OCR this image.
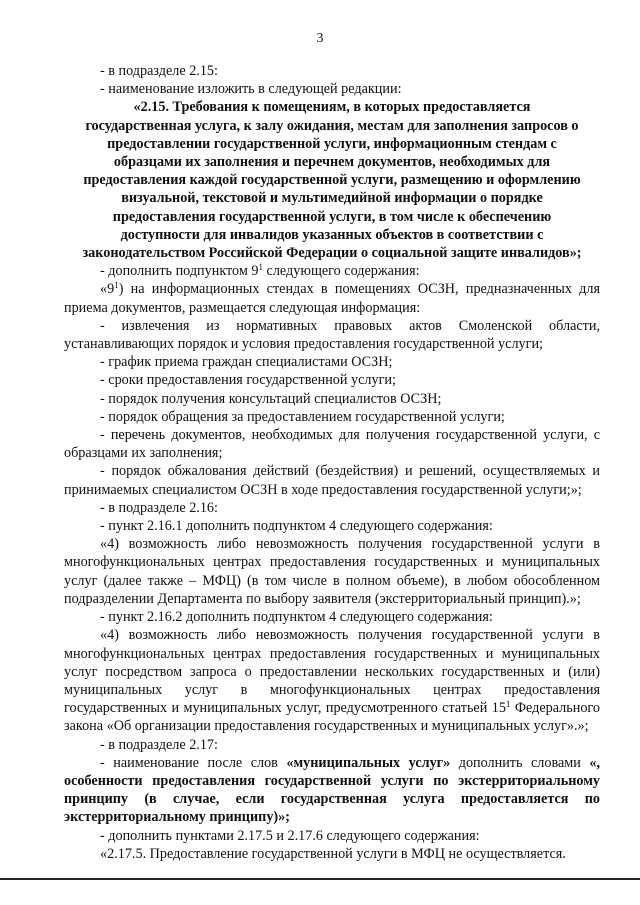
3

- в подразделе 2.15:

- наименование изложить в следующей редакции:

«2.15. Требования к помещениям, в которых предоставляется
государственная услуга, к залу ожидания, местам для заполнения запросов о
предоставлении государственной услуги, информационным стендам с
образцами их заполнения и перечнем документов, необходимых для
предоставления каждой государственной услуги, размещению и оформлению
визуальной, текстовой и мультимедийной информации о порядке
предоставления государственной услуги, в том числе к обеспечению
доступности для инвалидов указанных объектов в соответствии с
законодательством Российской Федерации о социальной защите инвалидов»;

- дополнить подпунктом $9^1$ следующего содержания:

«$9^1$) на информационных стендах в помещениях ОСЗН, предназначенных для приема документов, размещается следующая информация:

- извлечения из нормативных правовых актов Смоленской области, устанавливающих порядок и условия предоставления государственной услуги;

- график приема граждан специалистами ОСЗН;

- сроки предоставления государственной услуги;

- порядок получения консультаций специалистов ОСЗН;

- порядок обращения за предоставлением государственной услуги;

- перечень документов, необходимых для получения государственной услуги, с образцами их заполнения;

- порядок обжалования действий (бездействия) и решений, осуществляемых и принимаемых специалистом ОСЗН в ходе предоставления государственной услуги;»;

- в подразделе 2.16:

- пункт 2.16.1 дополнить подпунктом 4 следующего содержания:

«4) возможность либо невозможность получения государственной услуги в многофункциональных центрах предоставления государственных и муниципальных услуг (далее также – МФЦ) (в том числе в полном объеме), в любом обособленном подразделении Департамента по выбору заявителя (экстерриториальный принцип).»;

- пункт 2.16.2 дополнить подпунктом 4 следующего содержания:

«4) возможность либо невозможность получения государственной услуги в многофункциональных центрах предоставления государственных и муниципальных услуг посредством запроса о предоставлении нескольких государственных и (или) муниципальных услуг в многофункциональных центрах предоставления государственных и муниципальных услуг, предусмотренного статьей $15^1$ Федерального закона «Об организации предоставления государственных и муниципальных услуг».»;

- в подразделе 2.17:

- наименование после слов «муниципальных услуг» дополнить словами «, особенности предоставления государственной услуги по экстерриториальному принципу (в случае, если государственная услуга предоставляется по экстерриториальному принципу)»;

- дополнить пунктами 2.17.5 и 2.17.6 следующего содержания:

«2.17.5. Предоставление государственной услуги в МФЦ не осуществляется.
